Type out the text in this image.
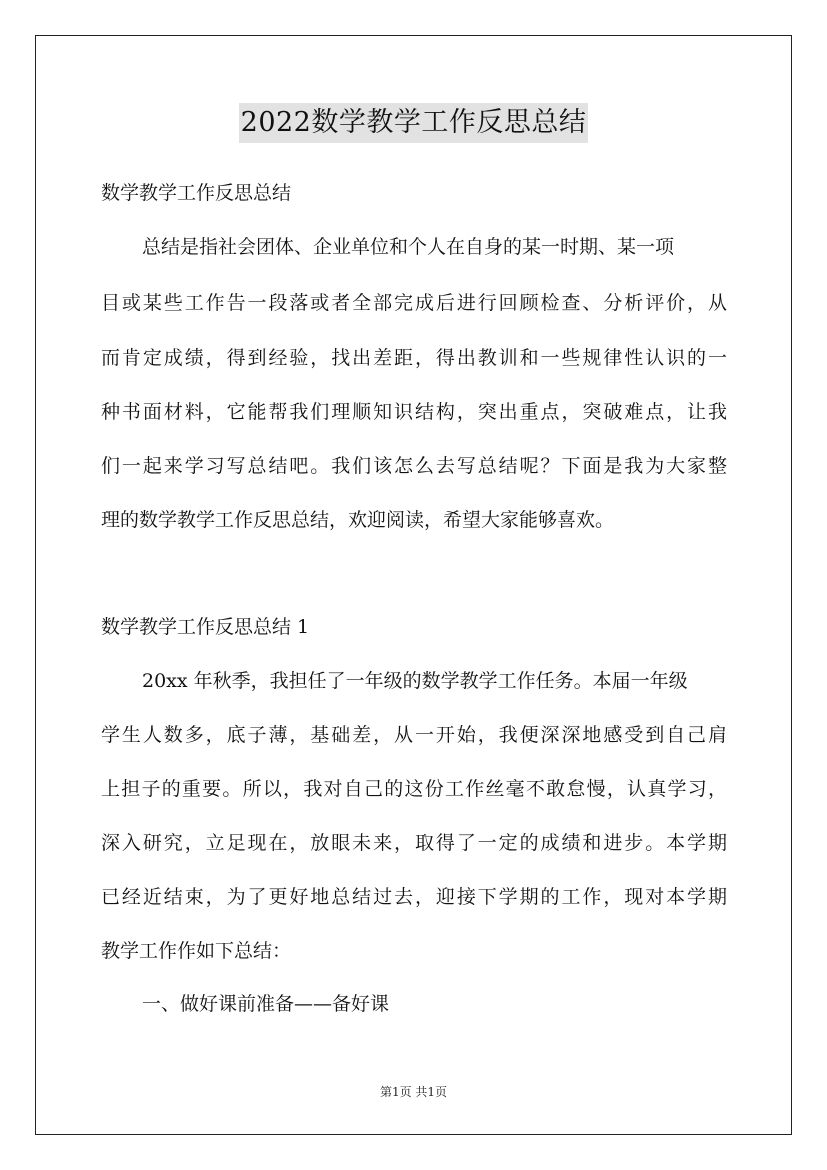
2022数学教学工作反思总结
数学教学工作反思总结
总结是指社会团体、企业单位和个人在自身的某一时期、某一项
目或某些工作告一段落或者全部完成后进行回顾检查、分析评价，从
而肯定成绩，得到经验，找出差距，得出教训和一些规律性认识的一
种书面材料，它能帮我们理顺知识结构，突出重点，突破难点，让我
们一起来学习写总结吧。我们该怎么去写总结呢？下面是我为大家整
理的数学教学工作反思总结，欢迎阅读，希望大家能够喜欢。
数学教学工作反思总结 1
20xx 年秋季，我担任了一年级的数学教学工作任务。本届一年级
学生人数多，底子薄，基础差，从一开始，我便深深地感受到自己肩
上担子的重要。所以，我对自己的这份工作丝毫不敢怠慢，认真学习，
深入研究，立足现在，放眼未来，取得了一定的成绩和进步。本学期
已经近结束，为了更好地总结过去，迎接下学期的工作，现对本学期
教学工作作如下总结：
一、做好课前准备——备好课
第1页 共1页
